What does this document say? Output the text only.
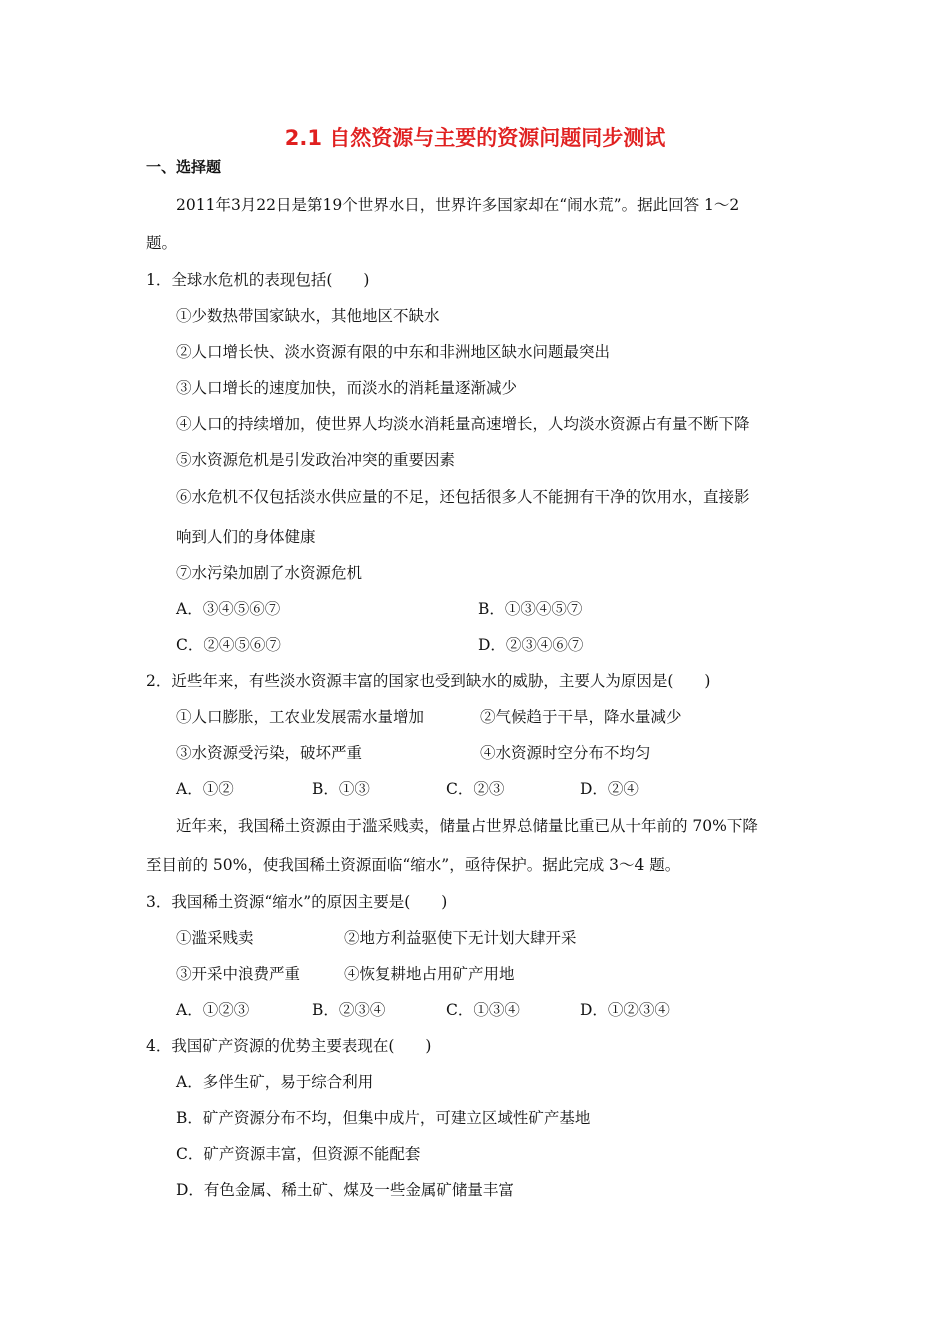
2.1 自然资源与主要的资源问题同步测试
一、选择题
2011年3月22日是第19个世界水日，世界许多国家却在“闹水荒”。据此回答 1～2
题。
1．全球水危机的表现包括(　　)
①少数热带国家缺水，其他地区不缺水
②人口增长快、淡水资源有限的中东和非洲地区缺水问题最突出
③人口增长的速度加快，而淡水的消耗量逐渐减少
④人口的持续增加，使世界人均淡水消耗量高速增长，人均淡水资源占有量不断下降
⑤水资源危机是引发政治冲突的重要因素
⑥水危机不仅包括淡水供应量的不足，还包括很多人不能拥有干净的饮用水，直接影
响到人们的身体健康
⑦水污染加剧了水资源危机
A．③④⑤⑥⑦	B．①③④⑤⑦
C．②④⑤⑥⑦	D．②③④⑥⑦
2．近些年来，有些淡水资源丰富的国家也受到缺水的威胁，主要人为原因是(　　)
①人口膨胀，工农业发展需水量增加	②气候趋于干旱，降水量减少
③水资源受污染，破坏严重	④水资源时空分布不均匀
A．①②	B．①③	C．②③	D．②④
近年来，我国稀土资源由于滥采贱卖，储量占世界总储量比重已从十年前的 70%下降
至目前的 50%，使我国稀土资源面临“缩水”，亟待保护。据此完成 3～4 题。
3．我国稀土资源“缩水”的原因主要是(　　)
①滥采贱卖	②地方利益驱使下无计划大肆开采
③开采中浪费严重	④恢复耕地占用矿产用地
A．①②③	B．②③④	C．①③④	D．①②③④
4．我国矿产资源的优势主要表现在(　　)
A．多伴生矿，易于综合利用
B．矿产资源分布不均，但集中成片，可建立区域性矿产基地
C．矿产资源丰富，但资源不能配套
D．有色金属、稀土矿、煤及一些金属矿储量丰富
